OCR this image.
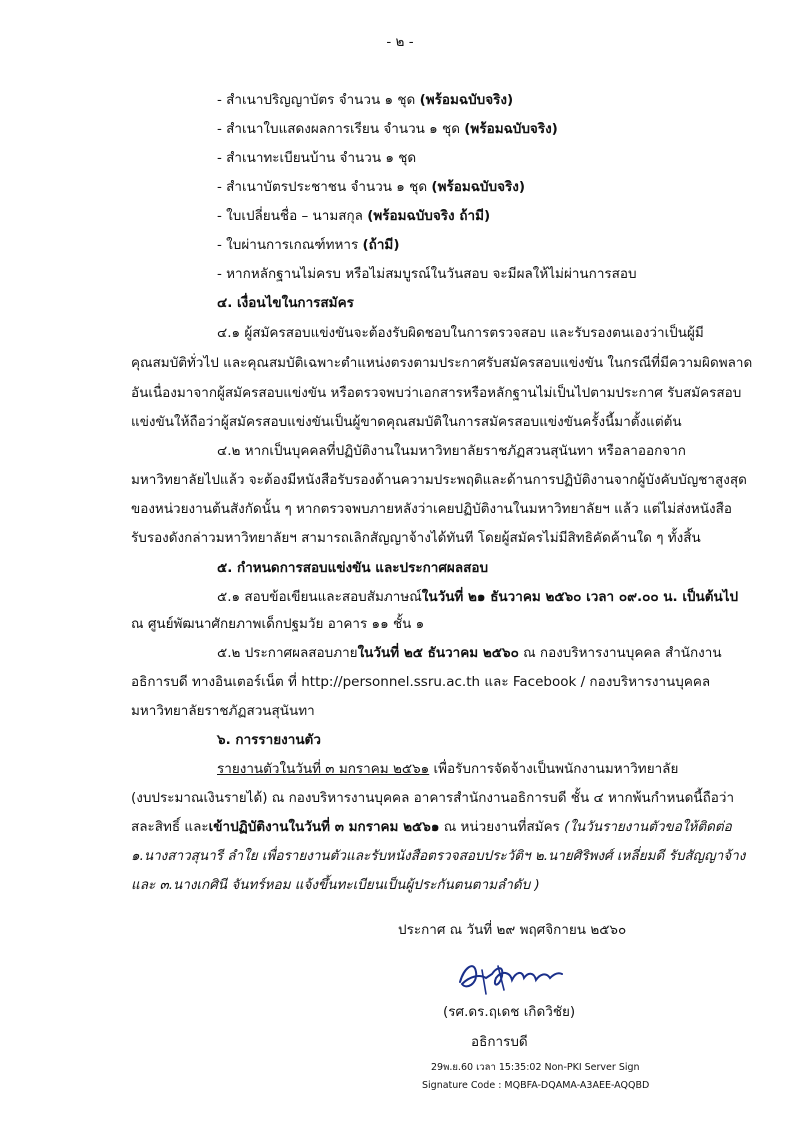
- ๒ -
- สำเนาปริญญาบัตร จำนวน ๑ ชุด (พร้อมฉบับจริง)
- สำเนาใบแสดงผลการเรียน จำนวน ๑ ชุด (พร้อมฉบับจริง)
- สำเนาทะเบียนบ้าน จำนวน ๑ ชุด
- สำเนาบัตรประชาชน จำนวน ๑ ชุด (พร้อมฉบับจริง)
- ใบเปลี่ยนชื่อ – นามสกุล (พร้อมฉบับจริง ถ้ามี)
- ใบผ่านการเกณฑ์ทหาร (ถ้ามี)
- หากหลักฐานไม่ครบ หรือไม่สมบูรณ์ในวันสอบ จะมีผลให้ไม่ผ่านการสอบ
๔. เงื่อนไขในการสมัคร
๔.๑ ผู้สมัครสอบแข่งขันจะต้องรับผิดชอบในการตรวจสอบ และรับรองตนเองว่าเป็นผู้มี
คุณสมบัติทั่วไป และคุณสมบัติเฉพาะตำแหน่งตรงตามประกาศรับสมัครสอบแข่งขัน ในกรณีที่มีความผิดพลาด
อันเนื่องมาจากผู้สมัครสอบแข่งขัน หรือตรวจพบว่าเอกสารหรือหลักฐานไม่เป็นไปตามประกาศ รับสมัครสอบ
แข่งขันให้ถือว่าผู้สมัครสอบแข่งขันเป็นผู้ขาดคุณสมบัติในการสมัครสอบแข่งขันครั้งนี้มาตั้งแต่ต้น
๔.๒ หากเป็นบุคคลที่ปฏิบัติงานในมหาวิทยาลัยราชภัฏสวนสุนันทา หรือลาออกจาก
มหาวิทยาลัยไปแล้ว จะต้องมีหนังสือรับรองด้านความประพฤติและด้านการปฏิบัติงานจากผู้บังคับบัญชาสูงสุด
ของหน่วยงานต้นสังกัดนั้น ๆ หากตรวจพบภายหลังว่าเคยปฏิบัติงานในมหาวิทยาลัยฯ แล้ว แต่ไม่ส่งหนังสือ
รับรองดังกล่าวมหาวิทยาลัยฯ สามารถเลิกสัญญาจ้างได้ทันที โดยผู้สมัครไม่มีสิทธิคัดค้านใด ๆ ทั้งสิ้น
๕. กำหนดการสอบแข่งขัน และประกาศผลสอบ
๕.๑ สอบข้อเขียนและสอบสัมภาษณ์ในวันที่ ๒๑ ธันวาคม ๒๕๖๐ เวลา ๐๙.๐๐ น. เป็นต้นไป
ณ ศูนย์พัฒนาศักยภาพเด็กปฐมวัย อาคาร ๑๑ ชั้น ๑
๕.๒ ประกาศผลสอบภายในวันที่ ๒๕ ธันวาคม ๒๕๖๐ ณ กองบริหารงานบุคคล สำนักงาน
อธิการบดี ทางอินเตอร์เน็ต ที่ http://personnel.ssru.ac.th และ Facebook / กองบริหารงานบุคคล
มหาวิทยาลัยราชภัฏสวนสุนันทา
๖. การรายงานตัว
รายงานตัวในวันที่ ๓ มกราคม ๒๕๖๑ เพื่อรับการจัดจ้างเป็นพนักงานมหาวิทยาลัย
(งบประมาณเงินรายได้) ณ กองบริหารงานบุคคล อาคารสำนักงานอธิการบดี ชั้น ๔ หากพ้นกำหนดนี้ถือว่า
สละสิทธิ์ และเข้าปฏิบัติงานในวันที่ ๓ มกราคม ๒๕๖๑ ณ หน่วยงานที่สมัคร (ในวันรายงานตัวขอให้ติดต่อ
๑.นางสาวสุนารี ลำใย เพื่อรายงานตัวและรับหนังสือตรวจสอบประวัติฯ ๒.นายศิริพงศ์ เหลี่ยมดี รับสัญญาจ้าง
และ ๓.นางเกศินี จันทร์หอม แจ้งขึ้นทะเบียนเป็นผู้ประกันตนตามลำดับ )
ประกาศ ณ วันที่ ๒๙ พฤศจิกายน ๒๕๖๐
(รศ.ดร.ฤเดช เกิดวิชัย)
อธิการบดี
29พ.ย.60 เวลา 15:35:02 Non-PKI Server Sign
Signature Code : MQBFA-DQAMA-A3AEE-AQQBD
